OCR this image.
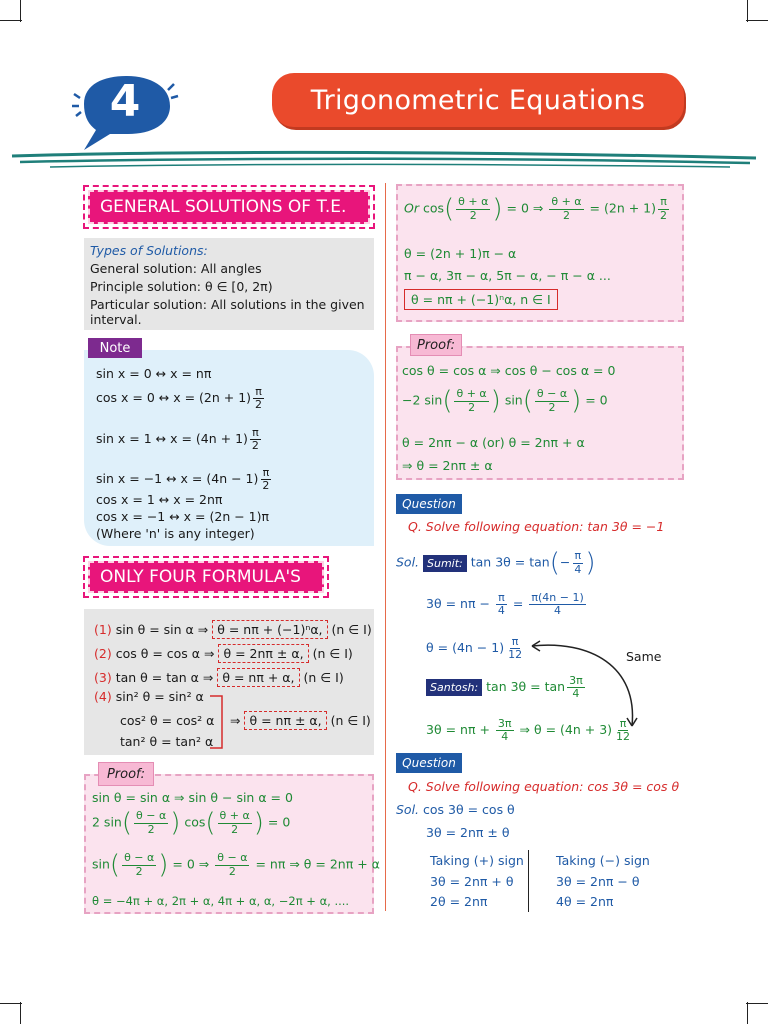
4	Trigonometric Equations
GENERAL SOLUTIONS OF T.E.
Types of Solutions:
General solution: All angles
Principle solution: θ ∈ [0, 2π)
Particular solution: All solutions in the given
interval.
Note
sin x = 0 ↔ x = nπ
cos x = 0 ↔ $x = (2n + 1) \frac{\pi}{2}$
sin x = 1 ↔ $x = (4n + 1) \frac{\pi}{2}$
sin x = −1 ↔ $x = (4n - 1) \frac{\pi}{2}$
cos x = 1 ↔ x = 2nπ
cos x = −1 ↔ x = (2n − 1)π
(Where 'n' is any integer)
ONLY FOUR FORMULA'S
(1) sin θ = sin α ⇒ θ = nπ + (−1)ⁿα, (n ∈ I)
(2) cos θ = cos α ⇒ θ = 2nπ ± α, (n ∈ I)
(3) tan θ = tan α ⇒ θ = nπ + α, (n ∈ I)
(4) sin² θ = sin² α
cos² θ = cos² α
tan² θ = tan² α
⇒ θ = nπ ± α, (n ∈ I)
Proof:
sin θ = sin α ⇒ sin θ − sin α = 0
2 $\sin( \frac{\theta - \alpha}{2}$ ) $\cos( \frac{\theta + \alpha}{2}$ ) = 0
$\sin( \frac{\theta - \alpha}{2}$ ) = 0 ⇒ $\frac{\theta - \alpha}{2} = n\pi$ ⇒ θ = 2nπ + α
θ = −4π + α, 2π + α, 4π + α, α, −2π + α, ....
Or $\cos( \frac{\theta + \alpha}{2}$ ) = 0 ⇒ $\frac{\theta + \alpha}{2} = (2n + 1) \frac{\pi}{2}$
θ = (2n + 1)π − α
π − α, 3π − α, 5π − α, − π − α ...
θ = nπ + (−1)ⁿα, n ∈ I
Proof:
cos θ = cos α ⇒ cos θ − cos α = 0
−2 $\sin( \frac{\theta + \alpha}{2}$ ) $\sin( \frac{\theta - \alpha}{2}$ ) = 0
θ = 2nπ − α (or) θ = 2nπ + α
⇒ θ = 2nπ ± α
Question
Q. Solve following equation: tan 3θ = −1
Sol. Sumit: $\tan 3\theta = \tan(- \frac{\pi}{4}$ )
$3\theta = n\pi - \frac{\pi}{4} = \frac{\pi(4n - 1)}{4}$
$\theta = (4n - 1) \frac{\pi}{12}$	Same
Santosh: $\tan 3\theta = \tan \frac{3\pi}{4}$
$3\theta = n\pi + \frac{3\pi}{4}$ ⇒ $\theta = (4n + 3) \frac{\pi}{12}$
Question
Q. Solve following equation: cos 3θ = cos θ
Sol. cos 3θ = cos θ
3θ = 2nπ ± θ
Taking (+) sign
3θ = 2nπ + θ
2θ = 2nπ
Taking (−) sign
3θ = 2nπ − θ
4θ = 2nπ
